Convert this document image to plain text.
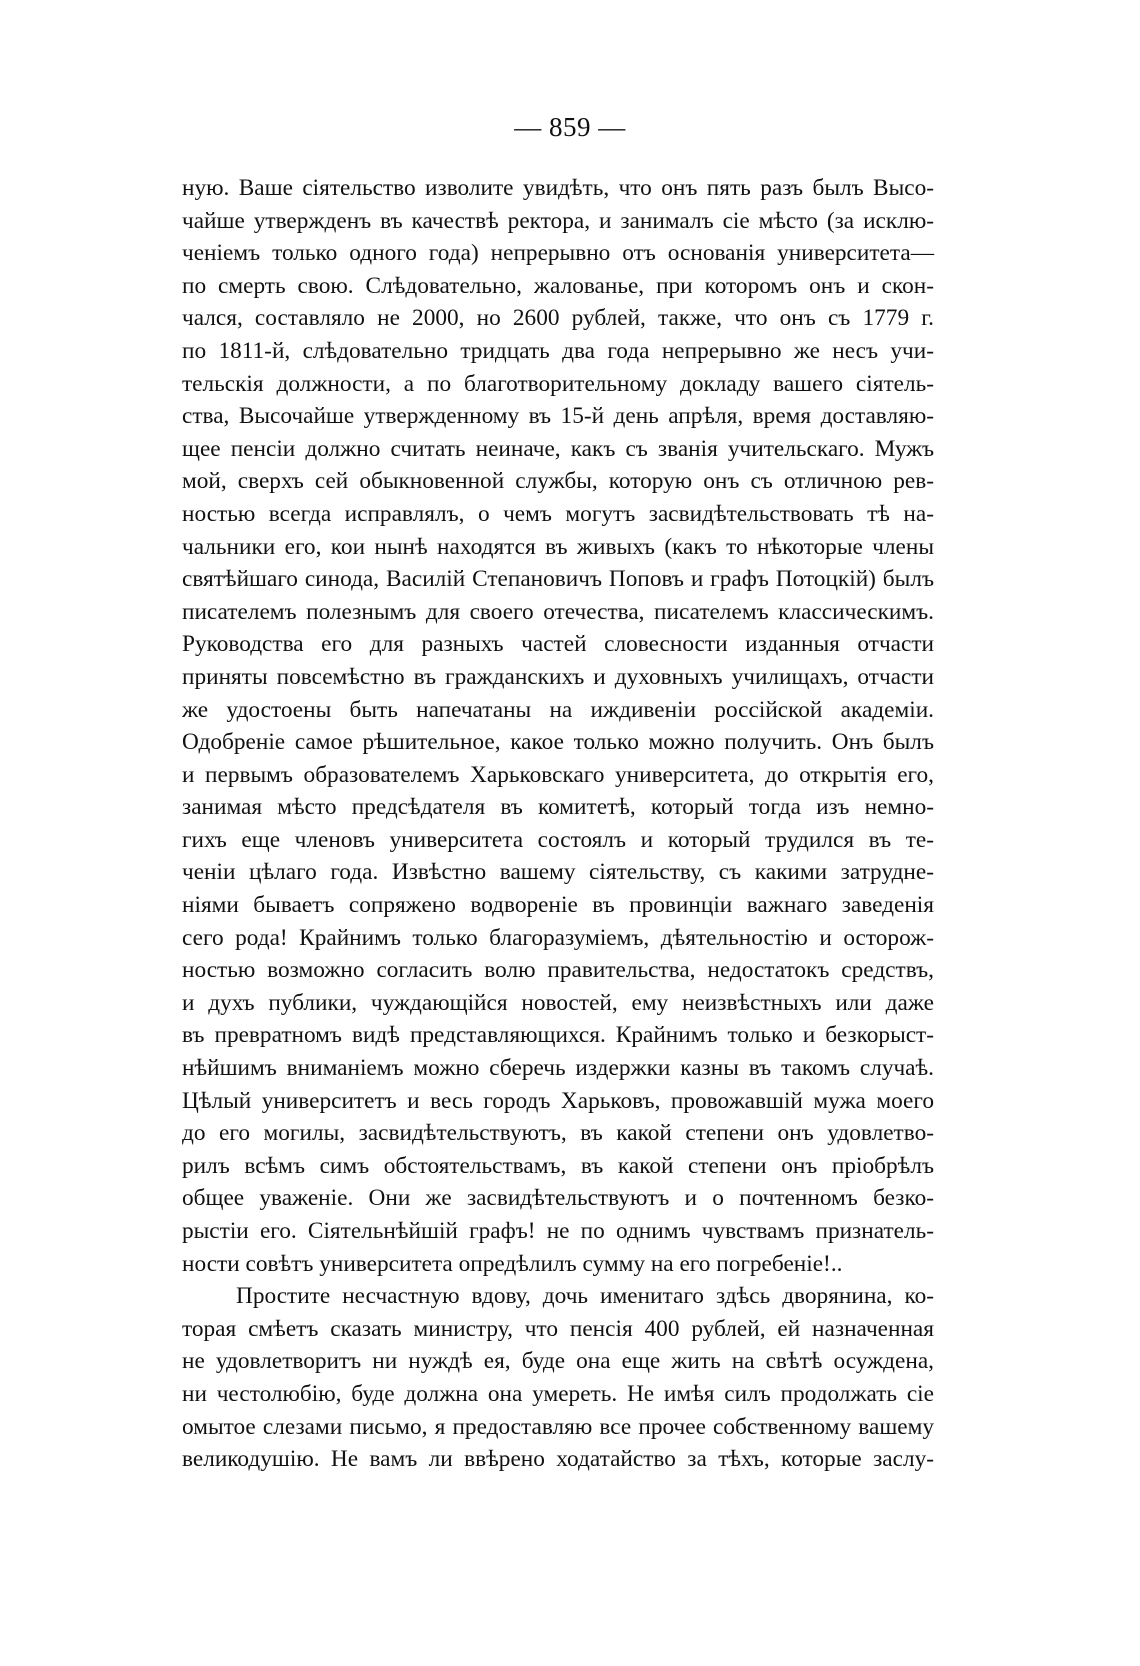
— 859 —
ную. Ваше сіятельство изволите увидѣть, что онъ пять разъ былъ Высо-
чайше утвержденъ въ качествѣ ректора, и занималъ сіе мѣсто (за исклю-
ченіемъ только одного года) непрерывно отъ основанія университета—
по смерть свою. Слѣдовательно, жалованье, при которомъ онъ и скон-
чался, составляло не 2000, но 2600 рублей, также, что онъ съ 1779 г.
по 1811-й, слѣдовательно тридцать два года непрерывно же несъ учи-
тельскія должности, а по благотворительному докладу вашего сіятель-
ства, Высочайше утвержденному въ 15-й день апрѣля, время доставляю-
щее пенсіи должно считать неиначе, какъ съ званія учительскаго. Мужъ
мой, сверхъ сей обыкновенной службы, которую онъ съ отличною рев-
ностью всегда исправлялъ, о чемъ могутъ засвидѣтельствовать тѣ на-
чальники его, кои нынѣ находятся въ живыхъ (какъ то нѣкоторые члены
святѣйшаго синода, Василій Степановичъ Поповъ и графъ Потоцкій) былъ
писателемъ полезнымъ для своего отечества, писателемъ классическимъ.
Руководства его для разныхъ частей словесности изданныя отчасти
приняты повсемѣстно въ гражданскихъ и духовныхъ училищахъ, отчасти
же удостоены быть напечатаны на иждивеніи россійской академіи.
Одобреніе самое рѣшительное, какое только можно получить. Онъ былъ
и первымъ образователемъ Харьковскаго университета, до открытія его,
занимая мѣсто предсѣдателя въ комитетѣ, который тогда изъ немно-
гихъ еще членовъ университета состоялъ и который трудился въ те-
ченіи цѣлаго года. Извѣстно вашему сіятельству, съ какими затрудне-
ніями бываетъ сопряжено водвореніе въ провинціи важнаго заведенія
сего рода! Крайнимъ только благоразуміемъ, дѣятельностію и осторож-
ностью возможно согласить волю правительства, недостатокъ средствъ,
и духъ публики, чуждающійся новостей, ему неизвѣстныхъ или даже
въ превратномъ видѣ представляющихся. Крайнимъ только и безкорыст-
нѣйшимъ вниманіемъ можно сберечь издержки казны въ такомъ случаѣ.
Цѣлый университетъ и весь городъ Харьковъ, провожавшій мужа моего
до его могилы, засвидѣтельствуютъ, въ какой степени онъ удовлетво-
рилъ всѣмъ симъ обстоятельствамъ, въ какой степени онъ пріобрѣлъ
общее уваженіе. Они же засвидѣтельствуютъ и о почтенномъ безко-
рыстіи его. Сіятельнѣйшій графъ! не по однимъ чувствамъ признатель-
ности совѣтъ университета опредѣлилъ сумму на его погребеніе!..
Простите несчастную вдову, дочь именитаго здѣсь дворянина, ко-
торая смѣетъ сказать министру, что пенсія 400 рублей, ей назначенная
не удовлетворитъ ни нуждѣ ея, буде она еще жить на свѣтѣ осуждена,
ни честолюбію, буде должна она умереть. Не имѣя силъ продолжать сіе
омытое слезами письмо, я предоставляю все прочее собственному вашему
великодушію. Не вамъ ли ввѣрено ходатайство за тѣхъ, которые заслу-
